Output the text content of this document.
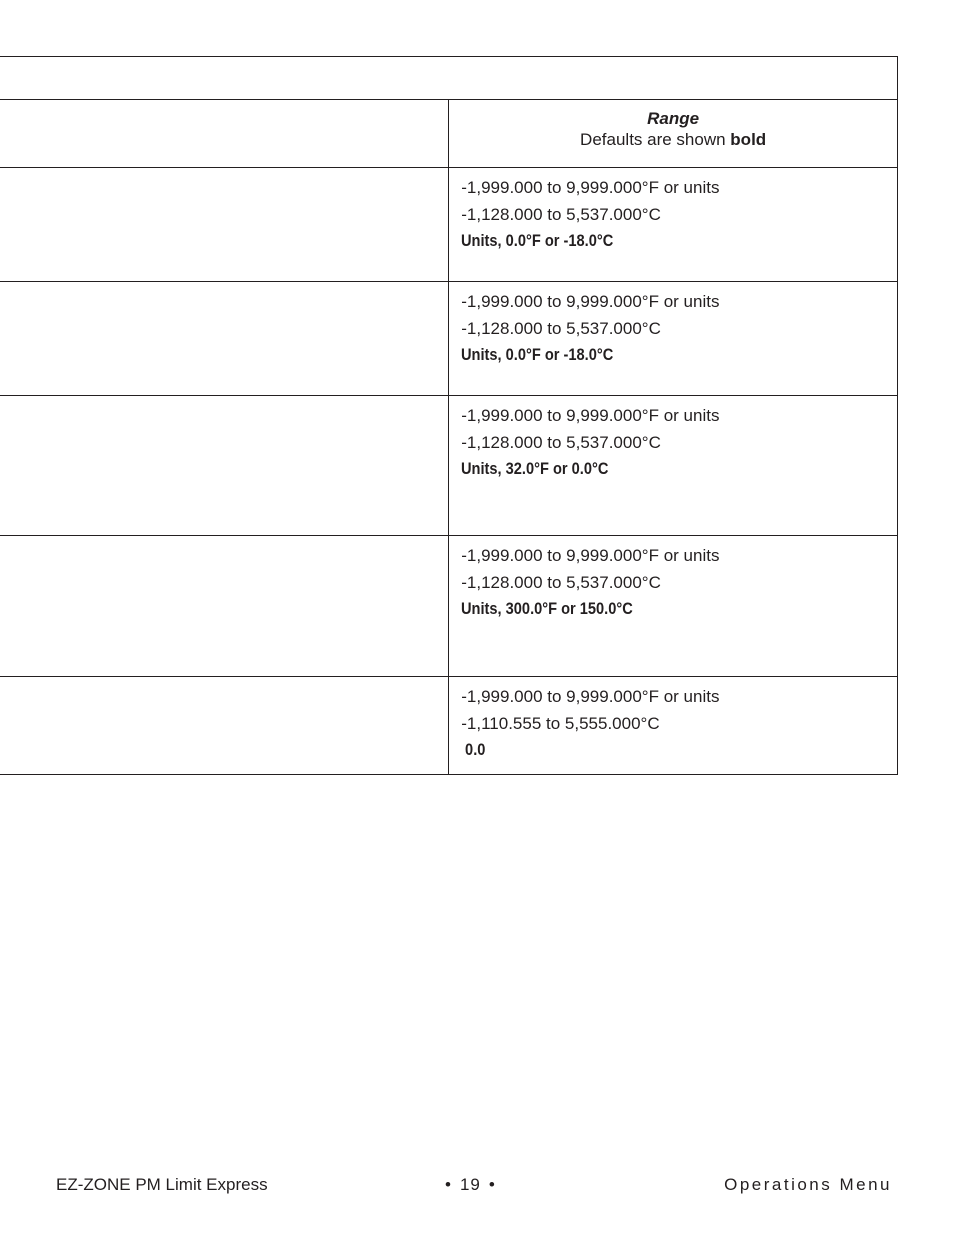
	Range
Defaults are shown bold

	-1,999.000 to 9,999.000°F or units
-1,128.000 to 5,537.000°C
Units, 0.0°F or -18.0°C

	-1,999.000 to 9,999.000°F or units
-1,128.000 to 5,537.000°C
Units, 0.0°F or -18.0°C

	-1,999.000 to 9,999.000°F or units
-1,128.000 to 5,537.000°C
Units, 32.0°F or 0.0°C

	-1,999.000 to 9,999.000°F or units
-1,128.000 to 5,537.000°C
Units, 300.0°F or 150.0°C

	-1,999.000 to 9,999.000°F or units
-1,110.555 to 5,555.000°C
0.0
EZ-ZONE PM Limit Express	• 19 •	Operations Menu
